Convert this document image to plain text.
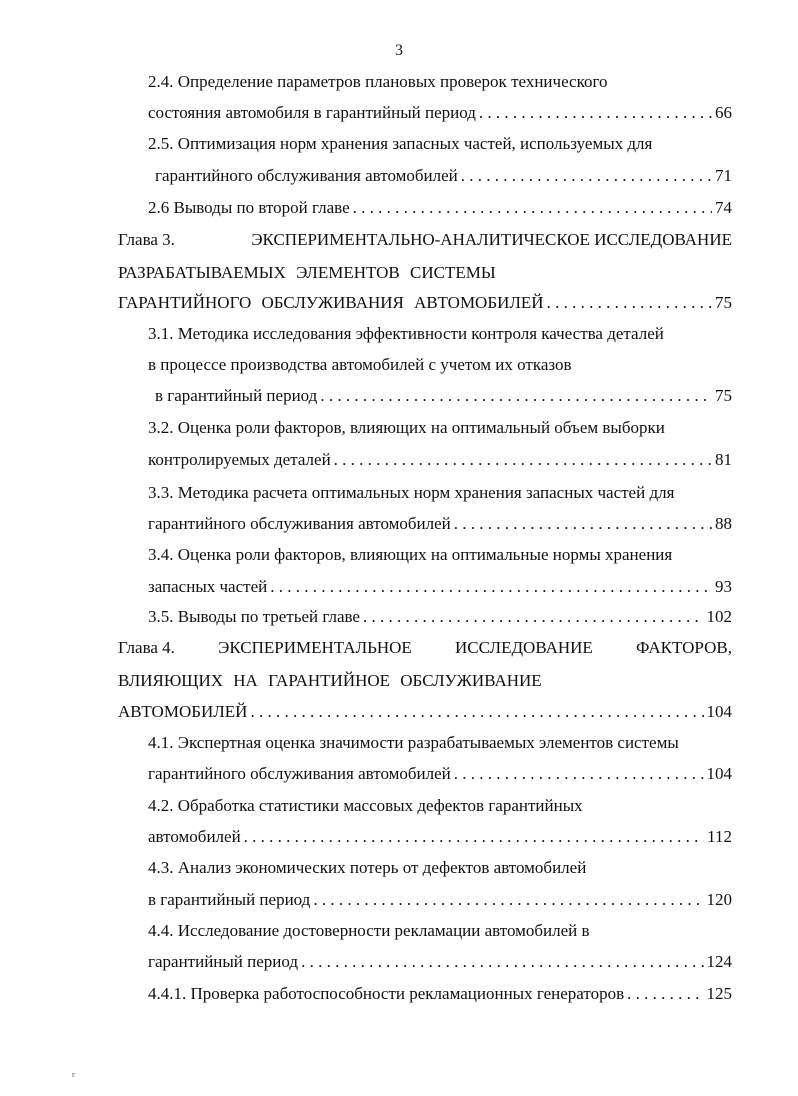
3
2.4. Определение параметров плановых проверок технического
состояния автомобиля в гарантийный период . . .	66
2.5. Оптимизация норм хранения запасных частей, используемых для
гарантийного обслуживания автомобилей . . .	71
2.6 Выводы по второй главе . . .	74
Глава 3.	ЭКСПЕРИМЕНТАЛЬНО-АНАЛИТИЧЕСКОЕ ИССЛЕДОВАНИЕ
РАЗРАБАТЫВАЕМЫХ ЭЛЕМЕНТОВ СИСТЕМЫ
ГАРАНТИЙНОГО ОБСЛУЖИВАНИЯ АВТОМОБИЛЕЙ . . .	75
3.1. Методика исследования эффективности контроля качества деталей
в процессе производства автомобилей с учетом их отказов
в гарантийный период . . .	75
3.2. Оценка роли факторов, влияющих на оптимальный объем выборки
контролируемых деталей . . .	81
3.3. Методика расчета оптимальных норм хранения запасных частей для
гарантийного обслуживания автомобилей . . .	88
3.4. Оценка роли факторов, влияющих на оптимальные нормы хранения
запасных частей . . .	93
3.5. Выводы по третьей главе . . .	102
Глава 4.	ЭКСПЕРИМЕНТАЛЬНОЕ	ИССЛЕДОВАНИЕ	ФАКТОРОВ,
ВЛИЯЮЩИХ НА ГАРАНТИЙНОЕ ОБСЛУЖИВАНИЕ
АВТОМОБИЛЕЙ . . .	104
4.1. Экспертная оценка значимости разрабатываемых элементов системы
гарантийного обслуживания автомобилей . . .	104
4.2. Обработка статистики массовых дефектов гарантийных
автомобилей . . .	112
4.3. Анализ экономических потерь от дефектов автомобилей
в гарантийный период . . .	120
4.4. Исследование достоверности рекламации автомобилей в
гарантийный период . . .	124
4.4.1. Проверка работоспособности рекламационных генераторов . . .	125
г
